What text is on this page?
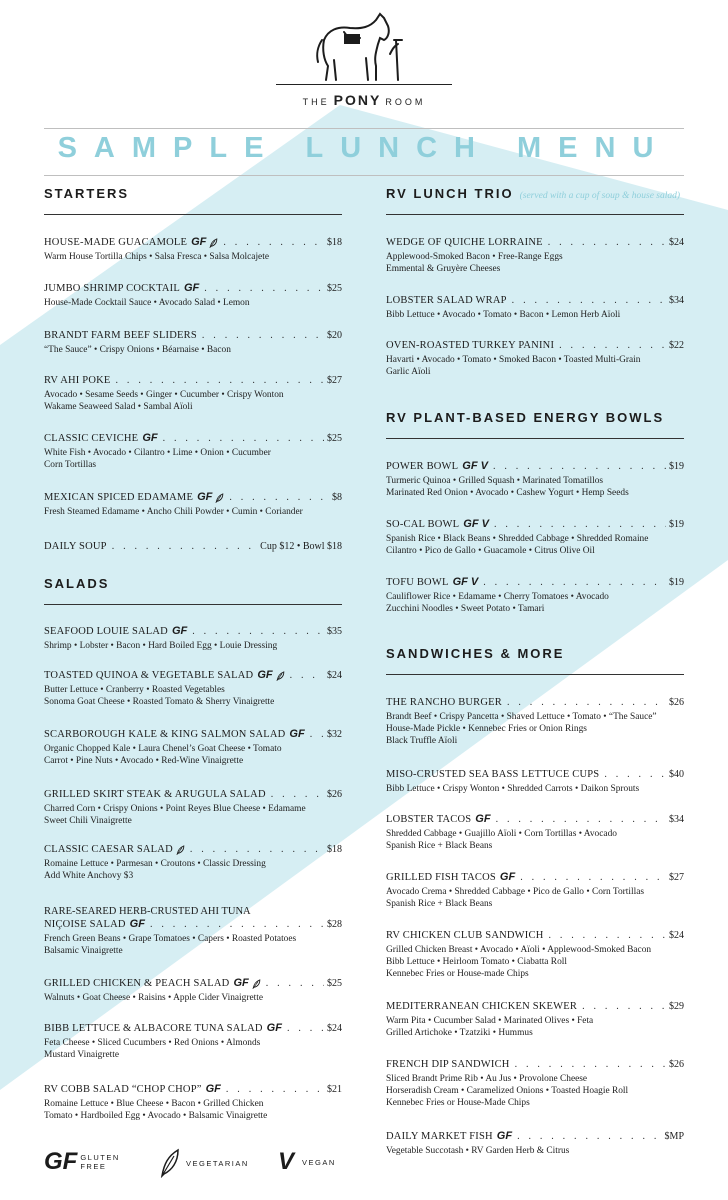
THE PONY ROOM
SAMPLE LUNCH MENU
STARTERS
HOUSE-MADE GUACAMOLE GF . . .	$18
Warm House Tortilla Chips • Salsa Fresca • Salsa Molcajete
JUMBO SHRIMP COCKTAIL GF . . .	$25
House-Made Cocktail Sauce • Avocado Salad • Lemon
BRANDT FARM BEEF SLIDERS . . .	$20
“The Sauce” • Crispy Onions • Béarnaise • Bacon
RV AHI POKE . . .	$27
Avocado • Sesame Seeds • Ginger • Cucumber • Crispy Wonton
Wakame Seaweed Salad • Sambal Aïoli
CLASSIC CEVICHE GF . . .	$25
White Fish • Avocado • Cilantro • Lime • Onion • Cucumber
Corn Tortillas
MEXICAN SPICED EDAMAME GF . . .	$8
Fresh Steamed Edamame • Ancho Chili Powder • Cumin • Coriander
DAILY SOUP . . .	Cup $12 • Bowl $18
SALADS
SEAFOOD LOUIE SALAD GF . . .	$35
Shrimp • Lobster • Bacon • Hard Boiled Egg • Louie Dressing
TOASTED QUINOA & VEGETABLE SALAD GF . . .	$24
Butter Lettuce • Cranberry • Roasted Vegetables
Sonoma Goat Cheese • Roasted Tomato & Sherry Vinaigrette
SCARBOROUGH KALE & KING SALMON SALAD GF . . . $32
Organic Chopped Kale • Laura Chenel’s Goat Cheese • Tomato
Carrot • Pine Nuts • Avocado • Red-Wine Vinaigrette
GRILLED SKIRT STEAK & ARUGULA SALAD . . .	$26
Charred Corn • Crispy Onions • Point Reyes Blue Cheese • Edamame
Sweet Chili Vinaigrette
CLASSIC CAESAR SALAD . . .	$18
Romaine Lettuce • Parmesan • Croutons • Classic Dressing
Add White Anchovy $3
RARE-SEARED HERB-CRUSTED AHI TUNA
NIÇOISE SALAD GF . . .	$28
French Green Beans • Grape Tomatoes • Capers • Roasted Potatoes
Balsamic Vinaigrette
GRILLED CHICKEN & PEACH SALAD GF . . .	$25
Walnuts • Goat Cheese • Raisins • Apple Cider Vinaigrette
BIBB LETTUCE & ALBACORE TUNA SALAD GF . . .	$24
Feta Cheese • Sliced Cucumbers • Red Onions • Almonds
Mustard Vinaigrette
RV COBB SALAD “CHOP CHOP” GF . . .	$21
Romaine Lettuce • Blue Cheese • Bacon • Grilled Chicken
Tomato • Hardboiled Egg • Avocado • Balsamic Vinaigrette
RV LUNCH TRIO (served with a cup of soup & house salad)
WEDGE OF QUICHE LORRAINE . . .	$24
Applewood-Smoked Bacon • Free-Range Eggs
Emmental & Gruyère Cheeses
LOBSTER SALAD WRAP . . .	$34
Bibb Lettuce • Avocado • Tomato • Bacon • Lemon Herb Aïoli
OVEN-ROASTED TURKEY PANINI . . .	$22
Havarti • Avocado • Tomato • Smoked Bacon • Toasted Multi-Grain
Garlic Aïoli
RV PLANT-BASED ENERGY BOWLS
POWER BOWL GF V . . .	$19
Turmeric Quinoa • Grilled Squash • Marinated Tomatillos
Marinated Red Onion • Avocado • Cashew Yogurt • Hemp Seeds
SO-CAL BOWL GF V . . .	$19
Spanish Rice • Black Beans • Shredded Cabbage • Shredded Romaine
Cilantro • Pico de Gallo • Guacamole • Citrus Olive Oil
TOFU BOWL GF V . . .	$19
Cauliflower Rice • Edamame • Cherry Tomatoes • Avocado
Zucchini Noodles • Sweet Potato • Tamari
SANDWICHES & MORE
THE RANCHO BURGER . . .	$26
Brandt Beef • Crispy Pancetta • Shaved Lettuce • Tomato • “The Sauce”
House-Made Pickle • Kennebec Fries or Onion Rings
Black Truffle Aïoli
MISO-CRUSTED SEA BASS LETTUCE CUPS . . .	$40
Bibb Lettuce • Crispy Wonton • Shredded Carrots • Daikon Sprouts
LOBSTER TACOS GF . . .	$34
Shredded Cabbage • Guajillo Aïoli • Corn Tortillas • Avocado
Spanish Rice + Black Beans
GRILLED FISH TACOS GF . . .	$27
Avocado Crema • Shredded Cabbage • Pico de Gallo • Corn Tortillas
Spanish Rice + Black Beans
RV CHICKEN CLUB SANDWICH . . .	$24
Grilled Chicken Breast • Avocado • Aïoli • Applewood-Smoked Bacon
Bibb Lettuce • Heirloom Tomato • Ciabatta Roll
Kennebec Fries or House-made Chips
MEDITERRANEAN CHICKEN SKEWER . . .	$29
Warm Pita • Cucumber Salad • Marinated Olives • Feta
Grilled Artichoke • Tzatziki • Hummus
FRENCH DIP SANDWICH . . .	$26
Sliced Brandt Prime Rib • Au Jus • Provolone Cheese
Horseradish Cream • Caramelized Onions • Toasted Hoagie Roll
Kennebec Fries or House-Made Chips
DAILY MARKET FISH GF . . .	$MP
Vegetable Succotash • RV Garden Herb & Citrus
GF GLUTEN
FREE	VEGETARIAN V VEGAN
